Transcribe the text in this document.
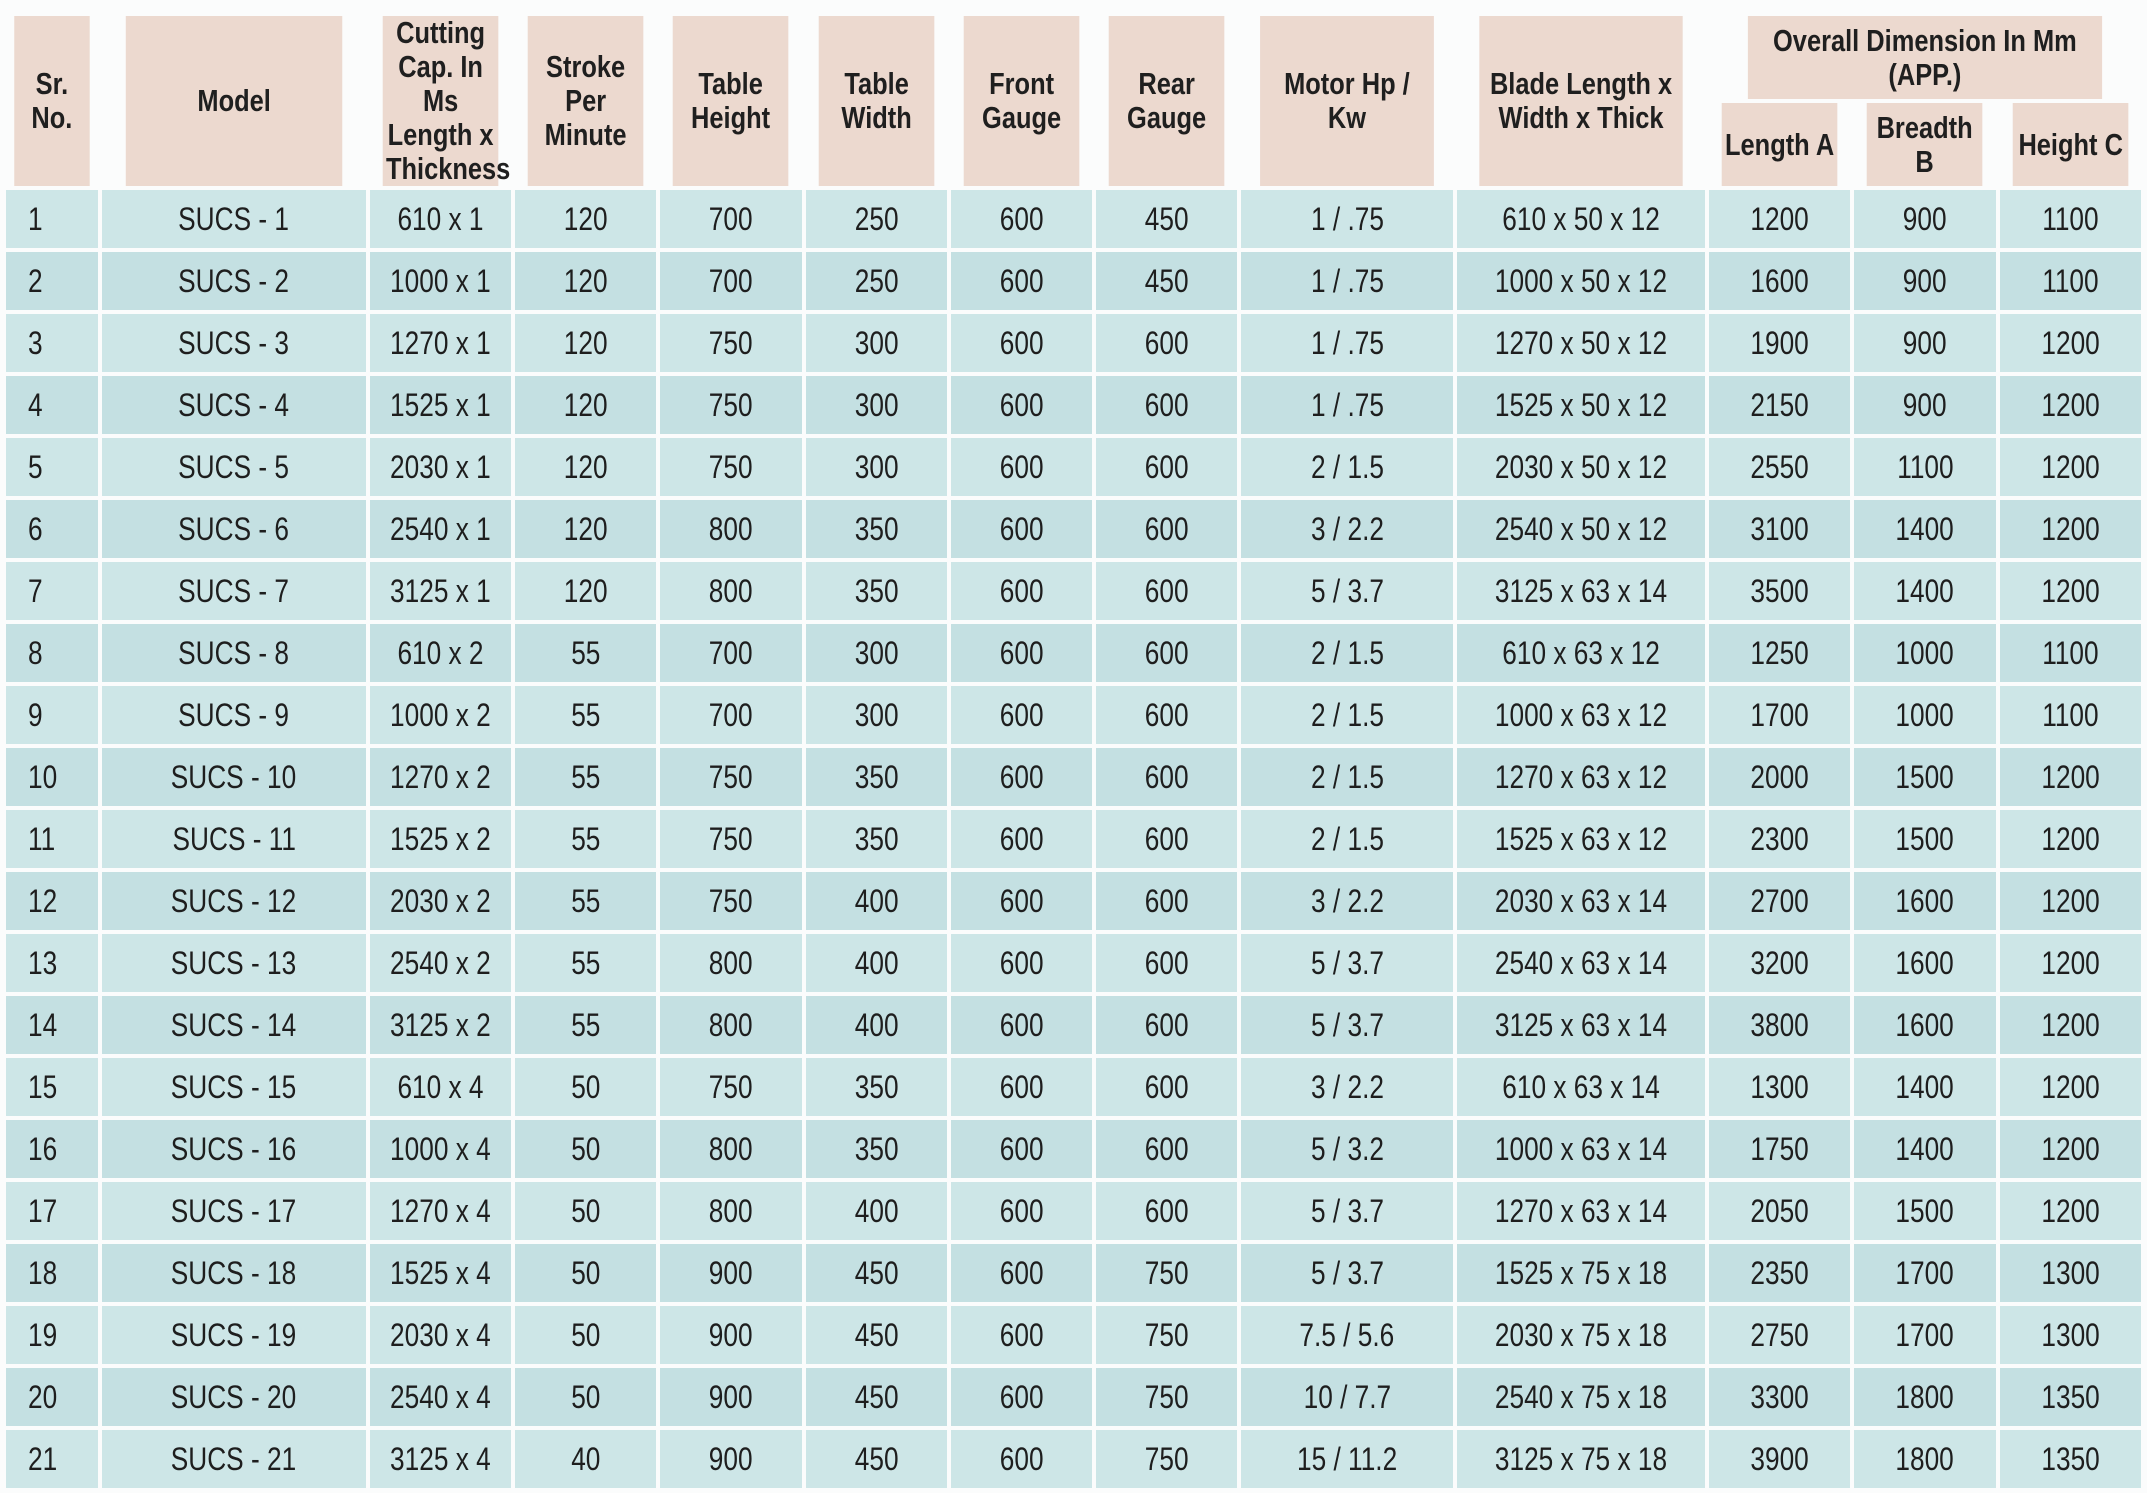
Sr. No.	Model	Cutting Cap. In Ms Length x Thickness	Stroke Per Minute	Table Height	Table Width	Front Gauge	Rear Gauge	Motor Hp / Kw	Blade Length x Width x Thick	Overall Dimension In Mm (APP.)		
										Length A	Breadth B	Height C
1	SUCS - 1	610 x 1	120	700	250	600	450	1 / .75	610 x 50 x 12	1200	900	1100
2	SUCS - 2	1000 x 1	120	700	250	600	450	1 / .75	1000 x 50 x 12	1600	900	1100
3	SUCS - 3	1270 x 1	120	750	300	600	600	1 / .75	1270 x 50 x 12	1900	900	1200
4	SUCS - 4	1525 x 1	120	750	300	600	600	1 / .75	1525 x 50 x 12	2150	900	1200
5	SUCS - 5	2030 x 1	120	750	300	600	600	2 / 1.5	2030 x 50 x 12	2550	1100	1200
6	SUCS - 6	2540 x 1	120	800	350	600	600	3 / 2.2	2540 x 50 x 12	3100	1400	1200
7	SUCS - 7	3125 x 1	120	800	350	600	600	5 / 3.7	3125 x 63 x 14	3500	1400	1200
8	SUCS - 8	610 x 2	55	700	300	600	600	2 / 1.5	610 x 63 x 12	1250	1000	1100
9	SUCS - 9	1000 x 2	55	700	300	600	600	2 / 1.5	1000 x 63 x 12	1700	1000	1100
10	SUCS - 10	1270 x 2	55	750	350	600	600	2 / 1.5	1270 x 63 x 12	2000	1500	1200
11	SUCS - 11	1525 x 2	55	750	350	600	600	2 / 1.5	1525 x 63 x 12	2300	1500	1200
12	SUCS - 12	2030 x 2	55	750	400	600	600	3 / 2.2	2030 x 63 x 14	2700	1600	1200
13	SUCS - 13	2540 x 2	55	800	400	600	600	5 / 3.7	2540 x 63 x 14	3200	1600	1200
14	SUCS - 14	3125 x 2	55	800	400	600	600	5 / 3.7	3125 x 63 x 14	3800	1600	1200
15	SUCS - 15	610 x 4	50	750	350	600	600	3 / 2.2	610 x 63 x 14	1300	1400	1200
16	SUCS - 16	1000 x 4	50	800	350	600	600	5 / 3.2	1000 x 63 x 14	1750	1400	1200
17	SUCS - 17	1270 x 4	50	800	400	600	600	5 / 3.7	1270 x 63 x 14	2050	1500	1200
18	SUCS - 18	1525 x 4	50	900	450	600	750	5 / 3.7	1525 x 75 x 18	2350	1700	1300
19	SUCS - 19	2030 x 4	50	900	450	600	750	7.5 / 5.6	2030 x 75 x 18	2750	1700	1300
20	SUCS - 20	2540 x 4	50	900	450	600	750	10 / 7.7	2540 x 75 x 18	3300	1800	1350
21	SUCS - 21	3125 x 4	40	900	450	600	750	15 / 11.2	3125 x 75 x 18	3900	1800	1350
